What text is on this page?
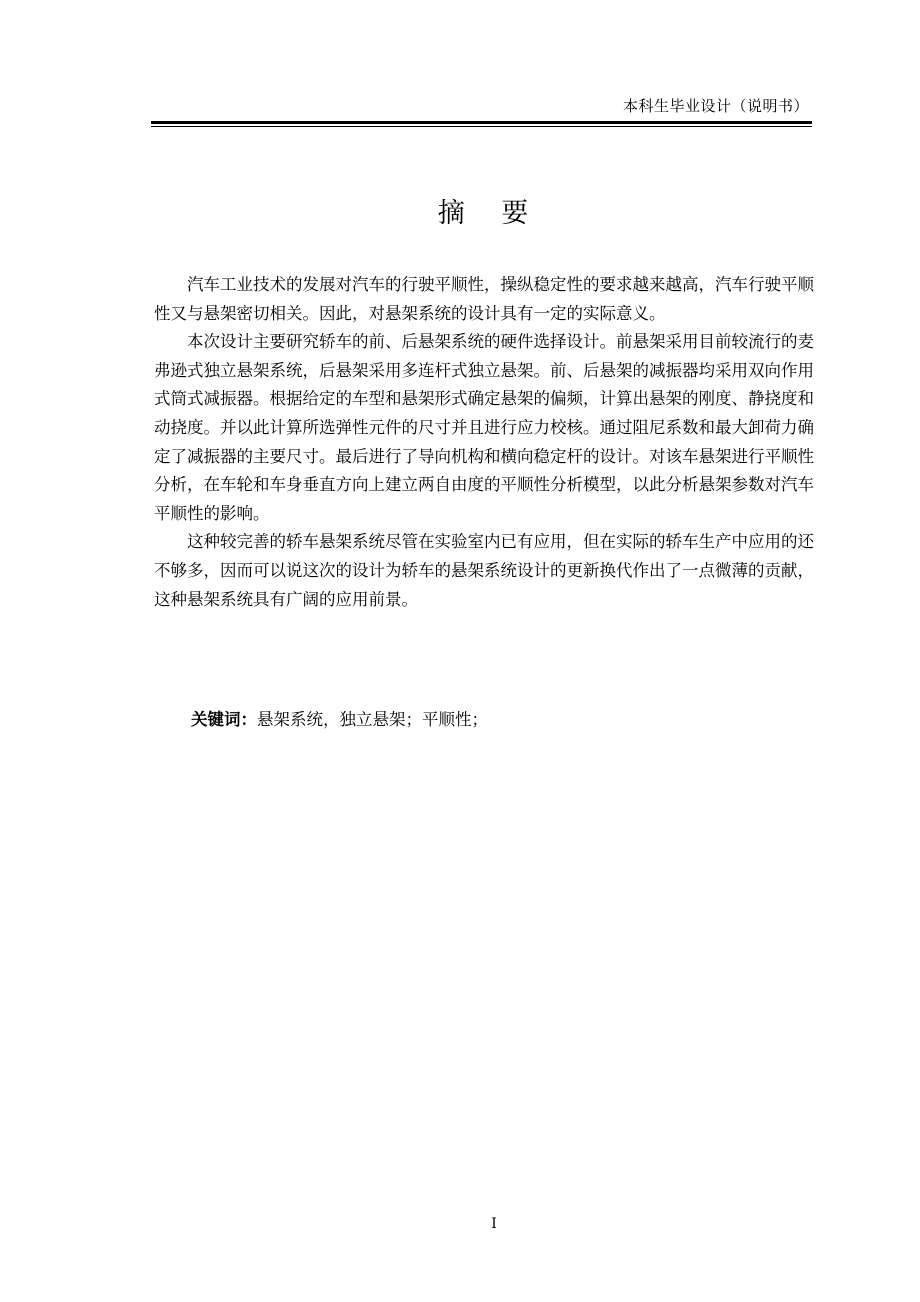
本科生毕业设计（说明书）
摘 要

汽车工业技术的发展对汽车的行驶平顺性，操纵稳定性的要求越来越高，汽车行驶平顺性又与悬架密切相关。因此，对悬架系统的设计具有一定的实际意义。

本次设计主要研究轿车的前、后悬架系统的硬件选择设计。前悬架采用目前较流行的麦弗逊式独立悬架系统，后悬架采用多连杆式独立悬架。前、后悬架的减振器均采用双向作用式筒式减振器。根据给定的车型和悬架形式确定悬架的偏频，计算出悬架的刚度、静挠度和动挠度。并以此计算所选弹性元件的尺寸并且进行应力校核。通过阻尼系数和最大卸荷力确定了减振器的主要尺寸。最后进行了导向机构和横向稳定杆的设计。对该车悬架进行平顺性分析，在车轮和车身垂直方向上建立两自由度的平顺性分析模型，以此分析悬架参数对汽车平顺性的影响。

这种较完善的轿车悬架系统尽管在实验室内已有应用，但在实际的轿车生产中应用的还不够多，因而可以说这次的设计为轿车的悬架系统设计的更新换代作出了一点微薄的贡献，这种悬架系统具有广阔的应用前景。

关键词：悬架系统，独立悬架；平顺性；
I
